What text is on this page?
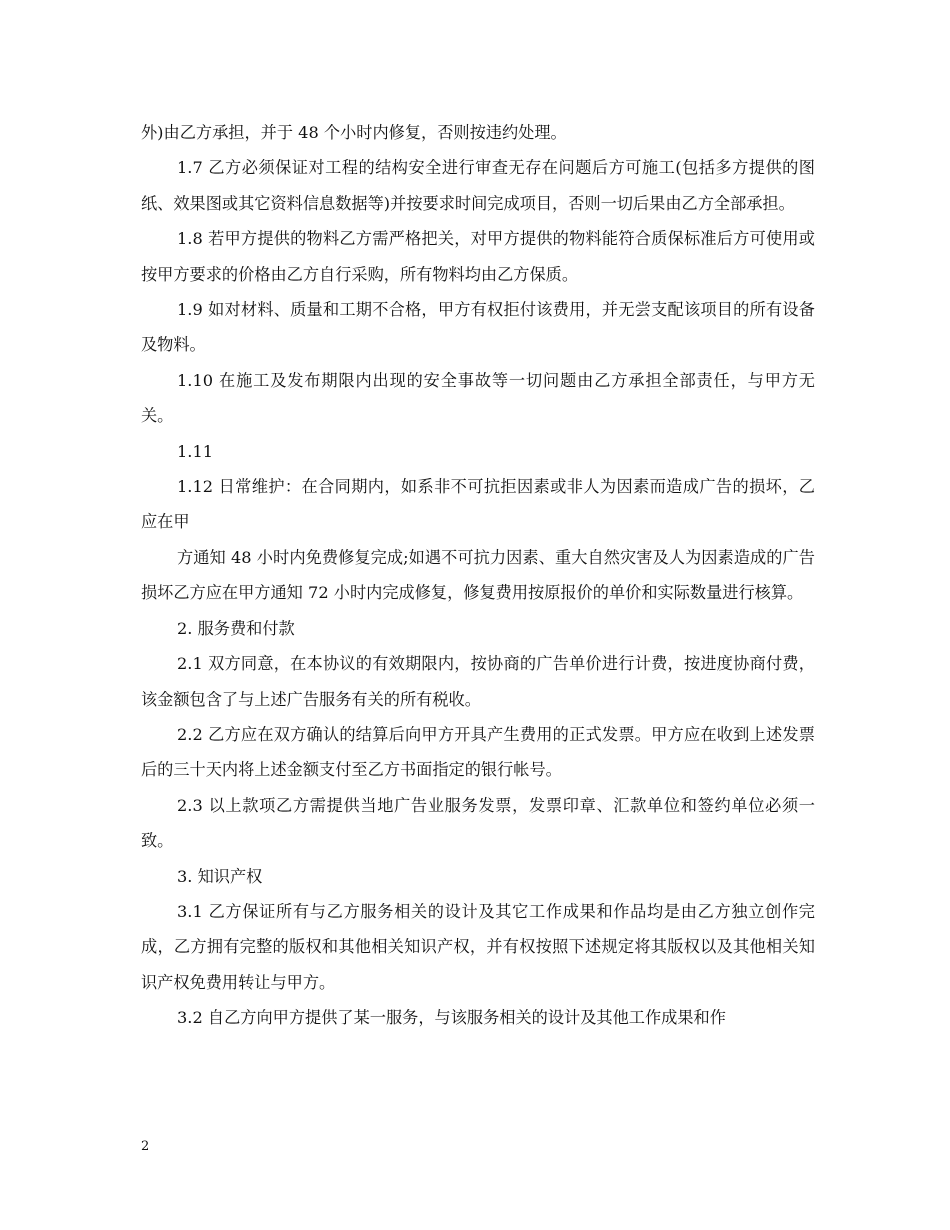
外)由乙方承担，并于 48 个小时内修复，否则按违约处理。

1.7 乙方必须保证对工程的结构安全进行审查无存在问题后方可施工(包括多方提供的图纸、效果图或其它资料信息数据等)并按要求时间完成项目，否则一切后果由乙方全部承担。

1.8 若甲方提供的物料乙方需严格把关，对甲方提供的物料能符合质保标准后方可使用或按甲方要求的价格由乙方自行采购，所有物料均由乙方保质。

1.9 如对材料、质量和工期不合格，甲方有权拒付该费用，并无尝支配该项目的所有设备及物料。

1.10 在施工及发布期限内出现的安全事故等一切问题由乙方承担全部责任，与甲方无关。

1.11

1.12 日常维护：在合同期内，如系非不可抗拒因素或非人为因素而造成广告的损坏，乙应在甲

方通知 48 小时内免费修复完成;如遇不可抗力因素、重大自然灾害及人为因素造成的广告损坏乙方应在甲方通知 72 小时内完成修复，修复费用按原报价的单价和实际数量进行核算。

2. 服务费和付款

2.1 双方同意，在本协议的有效期限内，按协商的广告单价进行计费，按进度协商付费，该金额包含了与上述广告服务有关的所有税收。

2.2 乙方应在双方确认的结算后向甲方开具产生费用的正式发票。甲方应在收到上述发票后的三十天内将上述金额支付至乙方书面指定的银行帐号。

2.3 以上款项乙方需提供当地广告业服务发票，发票印章、汇款单位和签约单位必须一致。

3. 知识产权

3.1 乙方保证所有与乙方服务相关的设计及其它工作成果和作品均是由乙方独立创作完成，乙方拥有完整的版权和其他相关知识产权，并有权按照下述规定将其版权以及其他相关知识产权免费用转让与甲方。

3.2 自乙方向甲方提供了某一服务，与该服务相关的设计及其他工作成果和作

2
